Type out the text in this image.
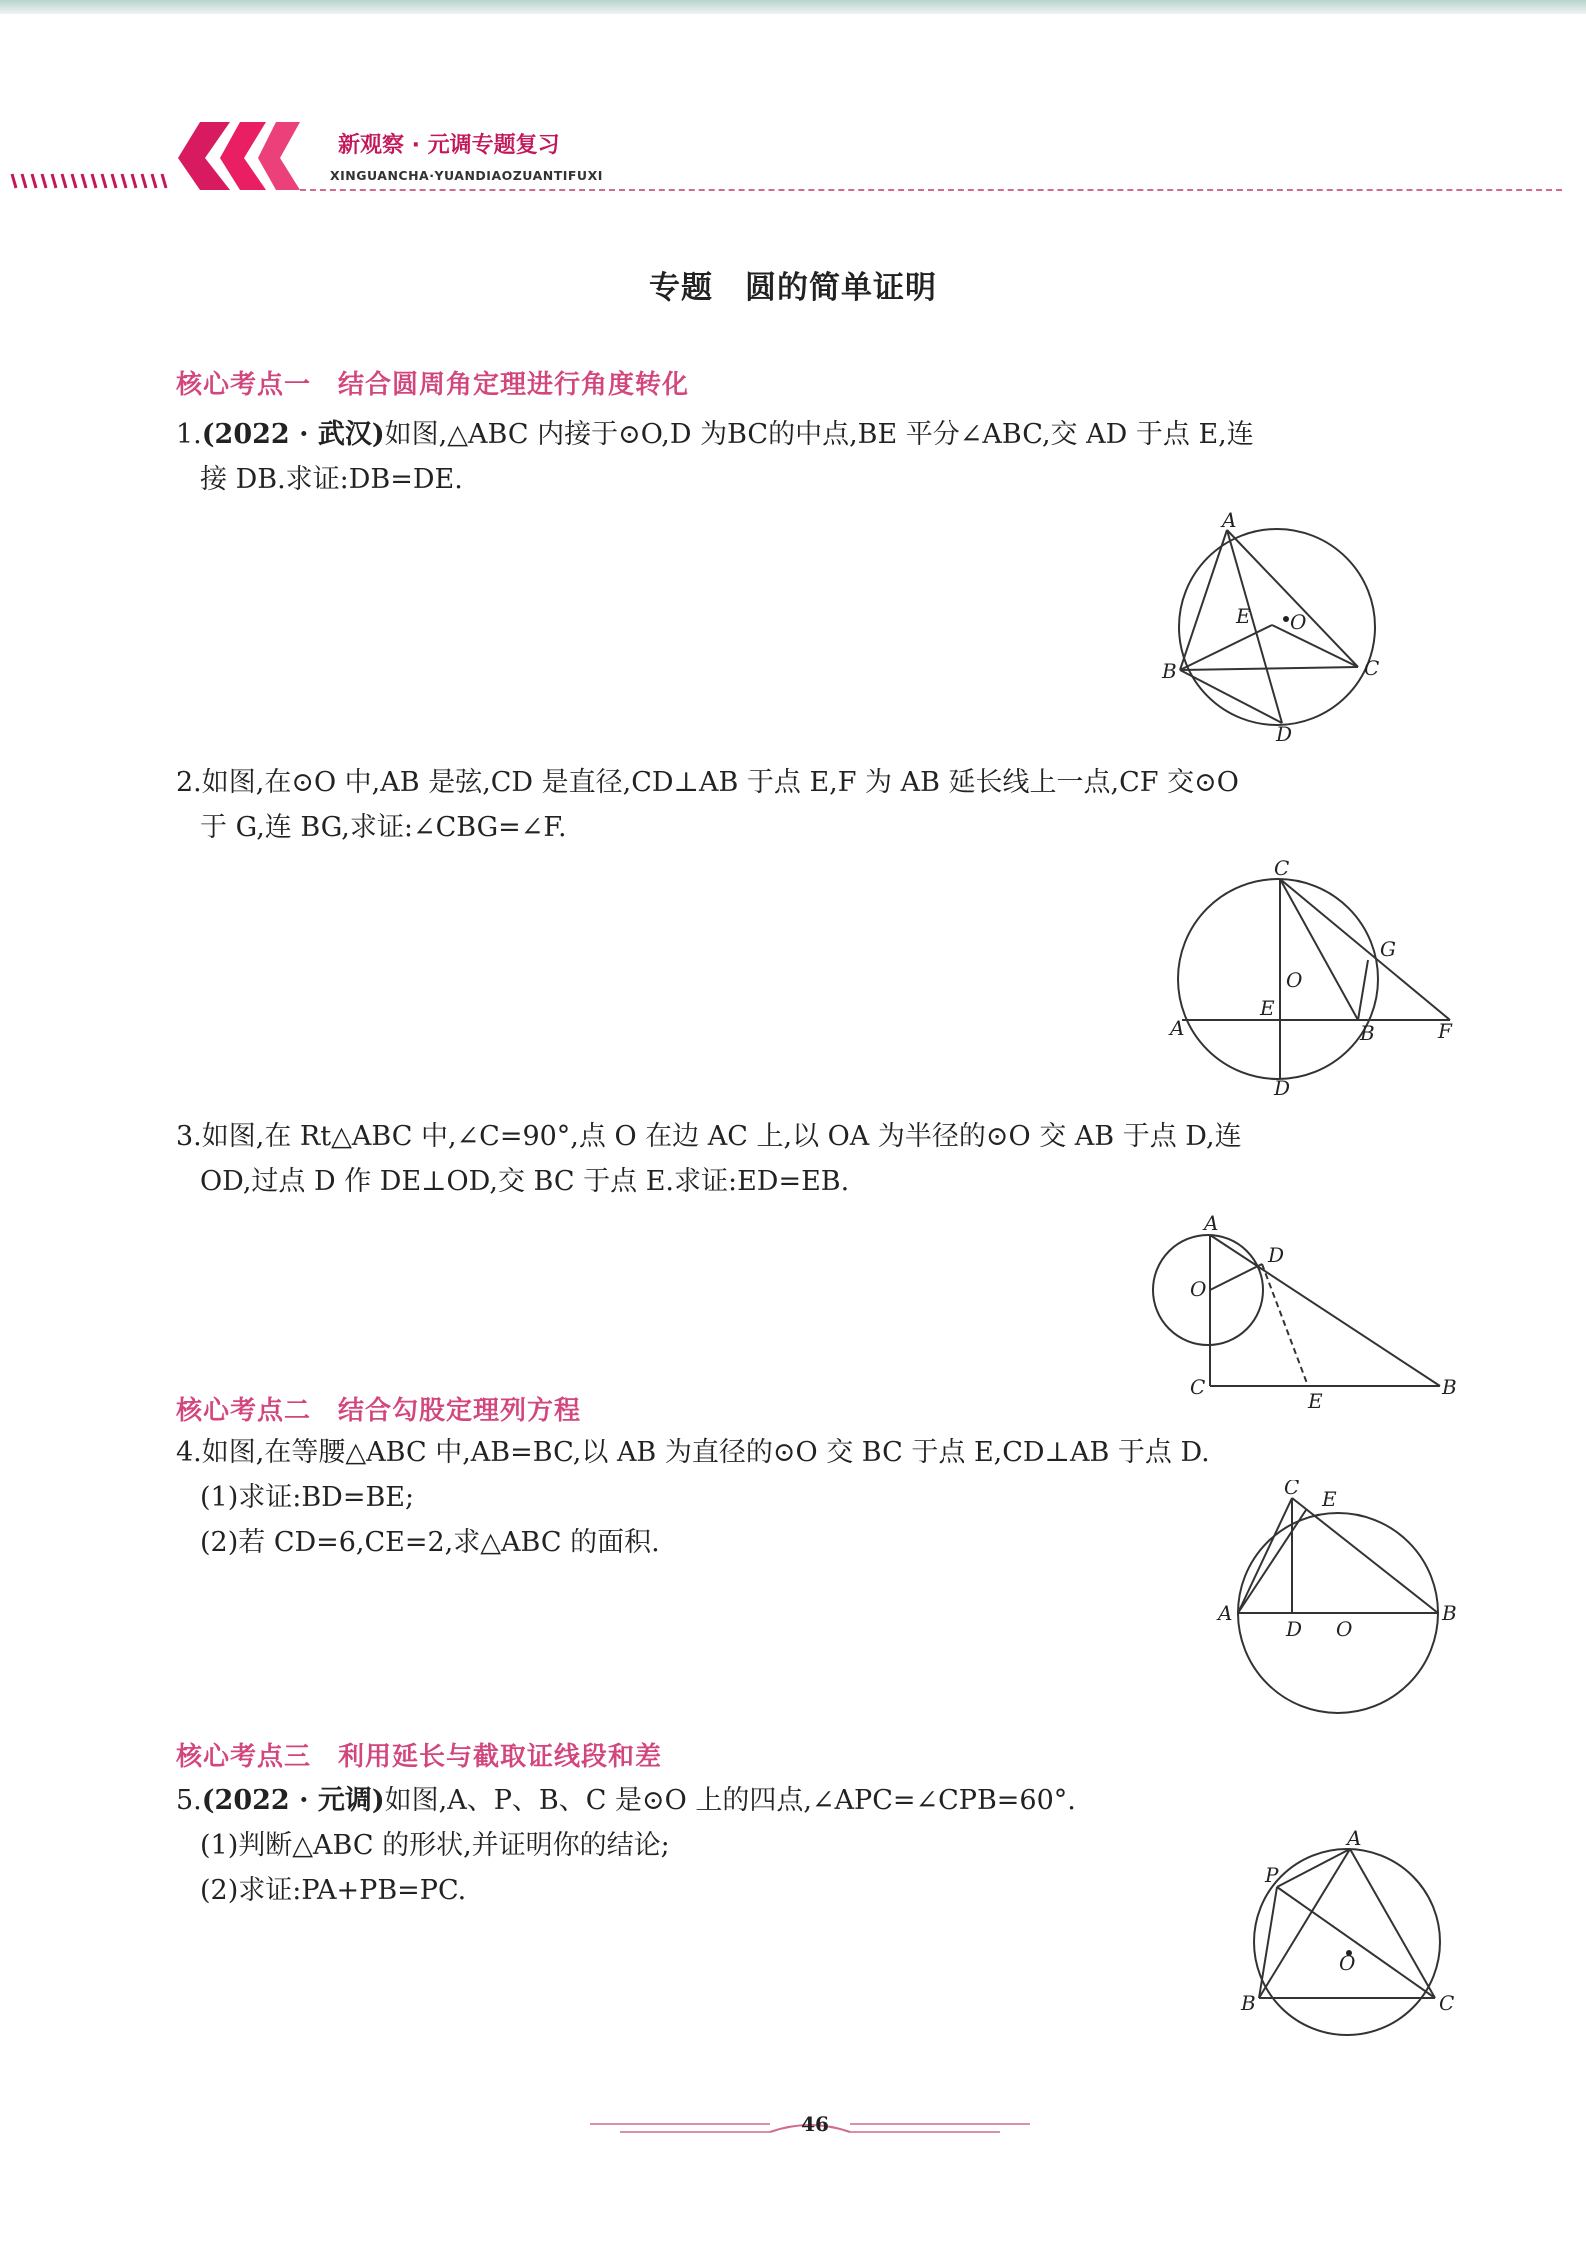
新观察 · 元调专题复习
XINGUANCHA·YUANDIAOZUANTIFUXI
专题　圆的简单证明
核心考点一　结合圆周角定理进行角度转化
1.(2022 · 武汉)如图,△ABC 内接于⊙O,D 为BC的中点,BE 平分∠ABC,交 AD 于点 E,连
接 DB.求证:DB=DE.
A
B	C
D
E O
2.如图,在⊙O 中,AB 是弦,CD 是直径,CD⊥AB 于点 E,F 为 AB 延长线上一点,CF 交⊙O
于 G,连 BG,求证:∠CBG=∠F.
C
G
O
E
A	B	F
D
3.如图,在 Rt△ABC 中,∠C=90°,点 O 在边 AC 上,以 OA 为半径的⊙O 交 AB 于点 D,连
OD,过点 D 作 DE⊥OD,交 BC 于点 E.求证:ED=EB.
A
D
O
C
E
B
核心考点二　结合勾股定理列方程
4.如图,在等腰△ABC 中,AB=BC,以 AB 为直径的⊙O 交 BC 于点 E,CD⊥AB 于点 D.
(1)求证:BD=BE;
(2)若 CD=6,CE=2,求△ABC 的面积.
C E
A
D O
B
核心考点三　利用延长与截取证线段和差
5.(2022 · 元调)如图,A、P、B、C 是⊙O 上的四点,∠APC=∠CPB=60°.
(1)判断△ABC 的形状,并证明你的结论;
(2)求证:PA+PB=PC.
A
P
O
B	C
46
